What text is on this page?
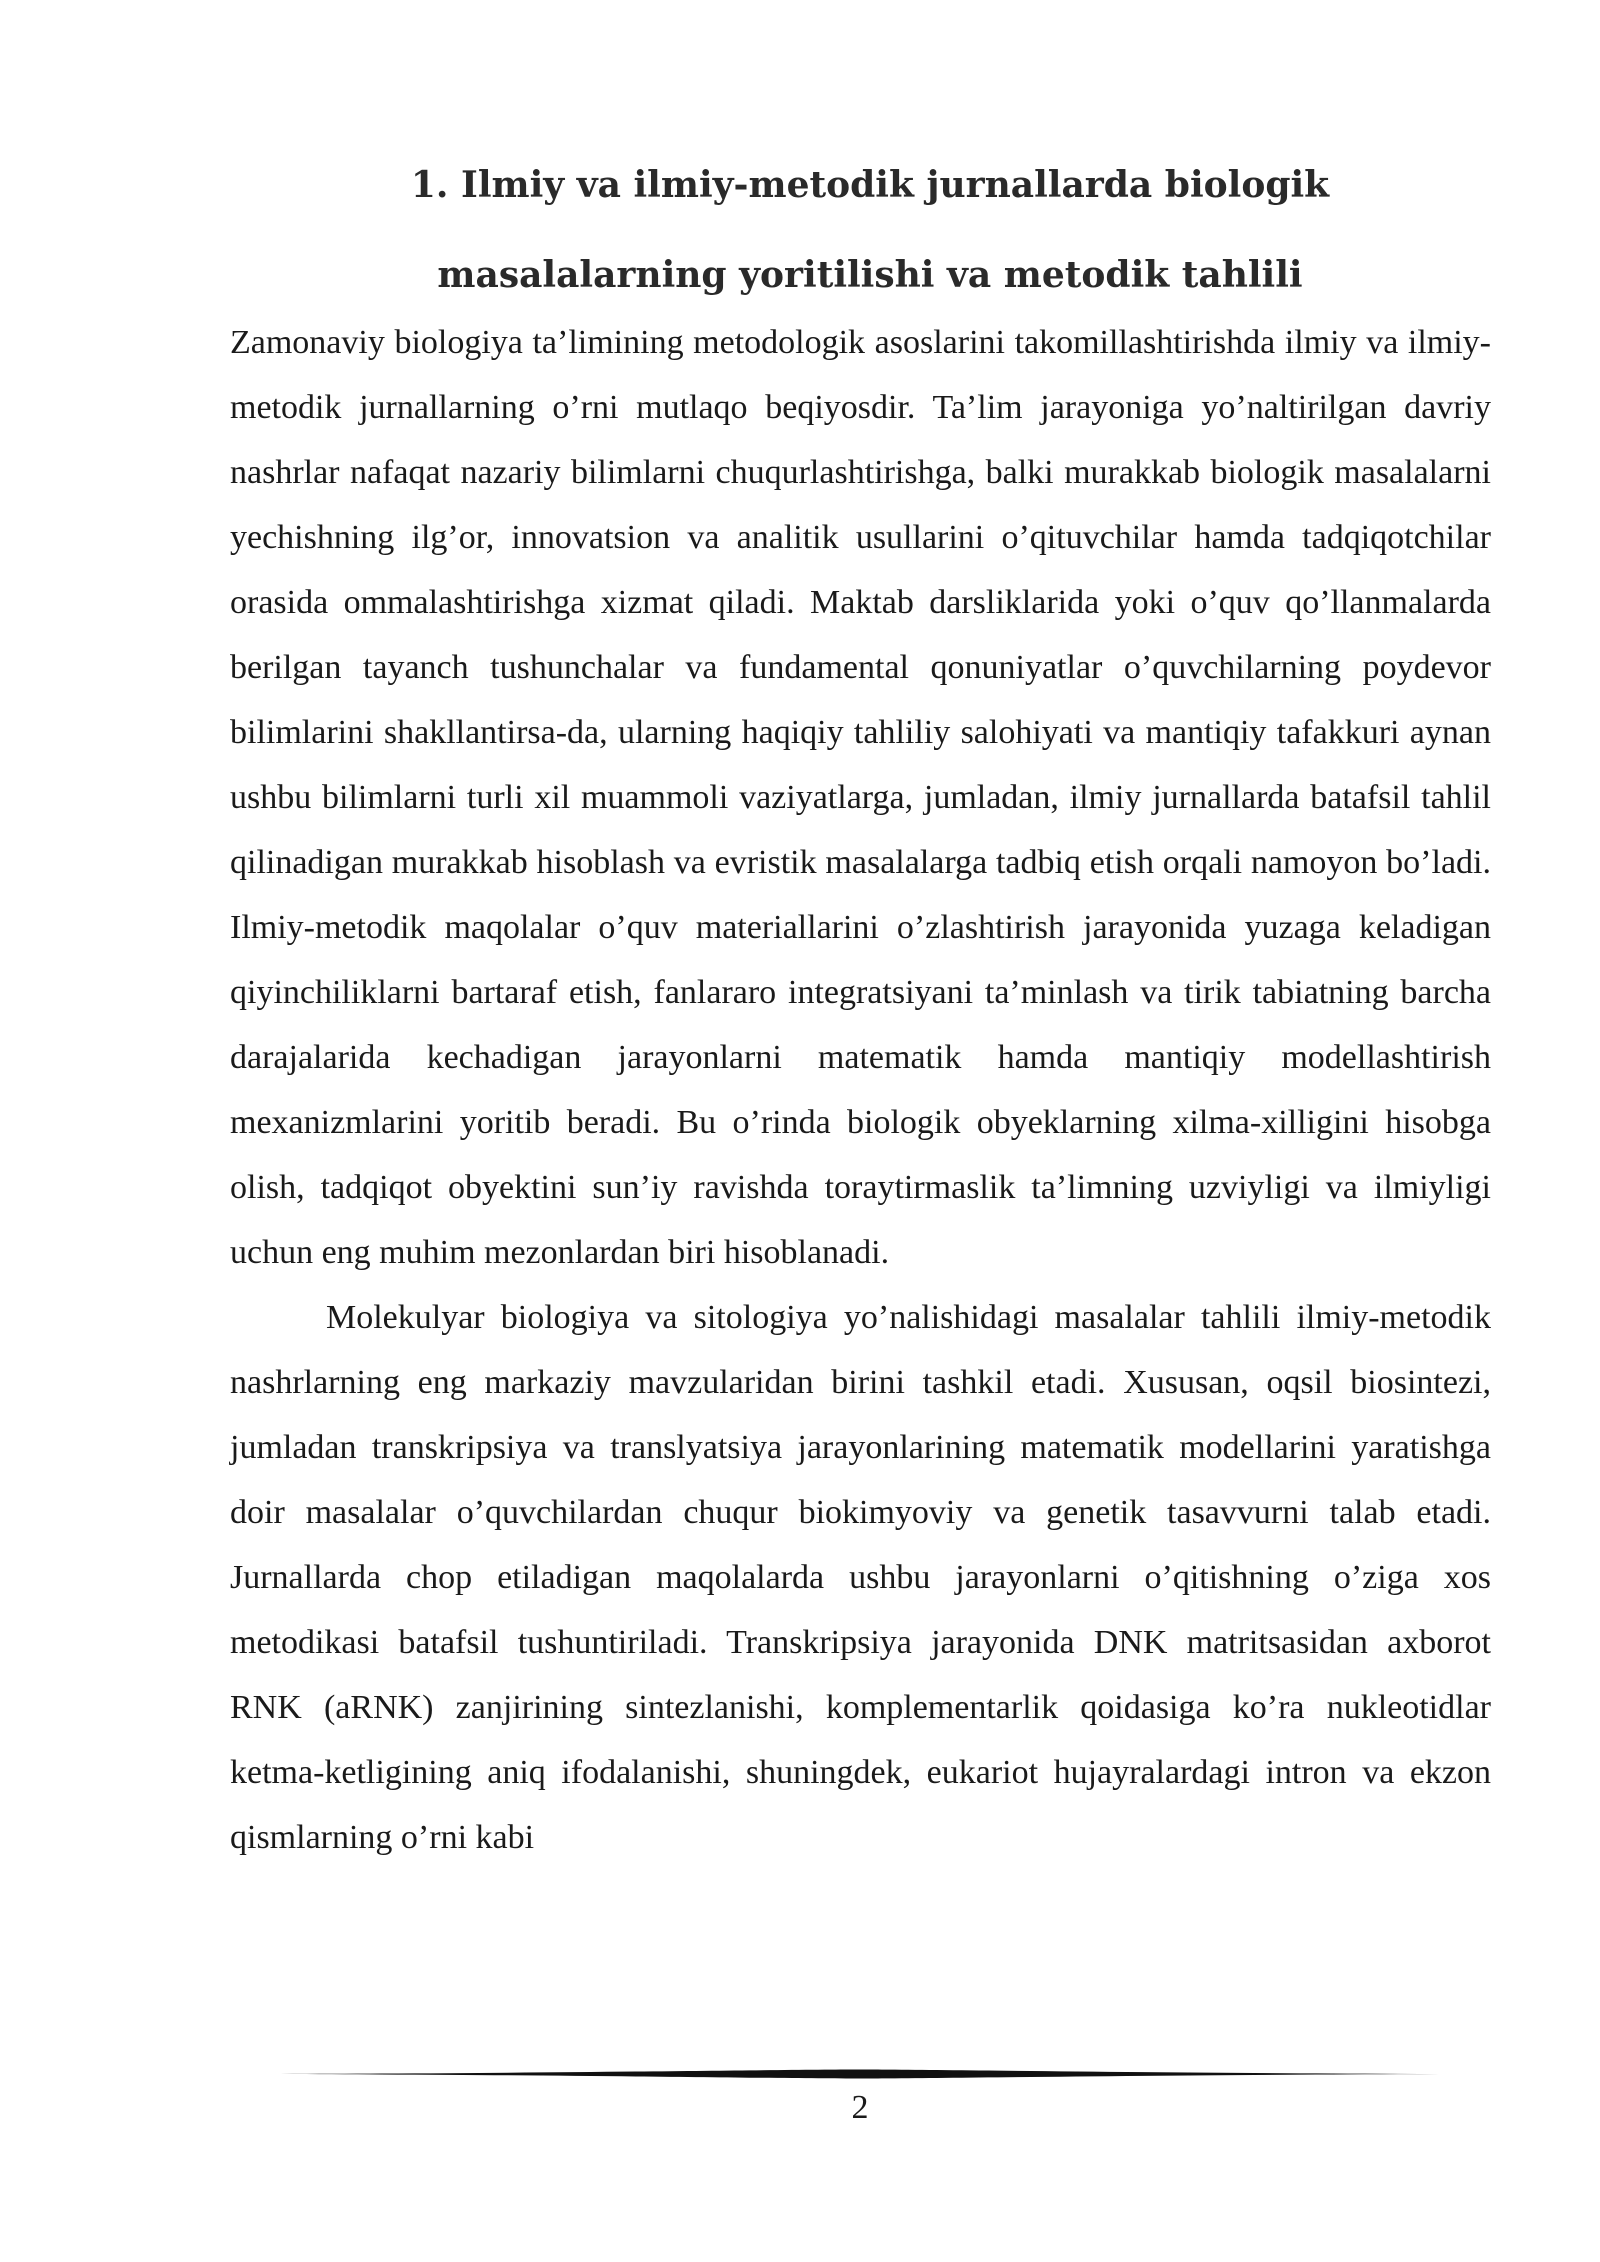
1. Ilmiy va ilmiy-metodik jurnallarda biologik
masalalarning yoritilishi va metodik tahlili

Zamonaviy biologiya ta’limining metodologik asoslarini takomillashtirishda ilmiy va ilmiy-metodik jurnallarning o’rni mutlaqo beqiyosdir. Ta’lim jarayoniga yo’naltirilgan davriy nashrlar nafaqat nazariy bilimlarni chuqurlashtirishga, balki murakkab biologik masalalarni yechishning ilg’or, innovatsion va analitik usullarini o’qituvchilar hamda tadqiqotchilar orasida ommalashtirishga xizmat qiladi. Maktab darsliklarida yoki o’quv qo’llanmalarda berilgan tayanch tushunchalar va fundamental qonuniyatlar o’quvchilarning poydevor bilimlarini shakllantirsa-da, ularning haqiqiy tahliliy salohiyati va mantiqiy tafakkuri aynan ushbu bilimlarni turli xil muammoli vaziyatlarga, jumladan, ilmiy jurnallarda batafsil tahlil qilinadigan murakkab hisoblash va evristik masalalarga tadbiq etish orqali namoyon bo’ladi. Ilmiy-metodik maqolalar o’quv materiallarini o’zlashtirish jarayonida yuzaga keladigan qiyinchiliklarni bartaraf etish, fanlararo integratsiyani ta’minlash va tirik tabiatning barcha darajalarida kechadigan jarayonlarni matematik hamda mantiqiy modellashtirish mexanizmlarini yoritib beradi. Bu o’rinda biologik obyeklarning xilma-xilligini hisobga olish, tadqiqot obyektini sun’iy ravishda toraytirmaslik ta’limning uzviyligi va ilmiyligi uchun eng muhim mezonlardan biri hisoblanadi.

Molekulyar biologiya va sitologiya yo’nalishidagi masalalar tahlili ilmiy-metodik nashrlarning eng markaziy mavzularidan birini tashkil etadi. Xususan, oqsil biosintezi, jumladan transkripsiya va translyatsiya jarayonlarining matematik modellarini yaratishga doir masalalar o’quvchilardan chuqur biokimyoviy va genetik tasavvurni talab etadi. Jurnallarda chop etiladigan maqolalarda ushbu jarayonlarni o’qitishning o’ziga xos metodikasi batafsil tushuntiriladi. Transkripsiya jarayonida DNK matritsasidan axborot RNK (aRNK) zanjirining sintezlanishi, komplementarlik qoidasiga ko’ra nukleotidlar ketma-ketligining aniq ifodalanishi, shuningdek, eukariot hujayralardagi intron va ekzon qismlarning o’rni kabi

2
